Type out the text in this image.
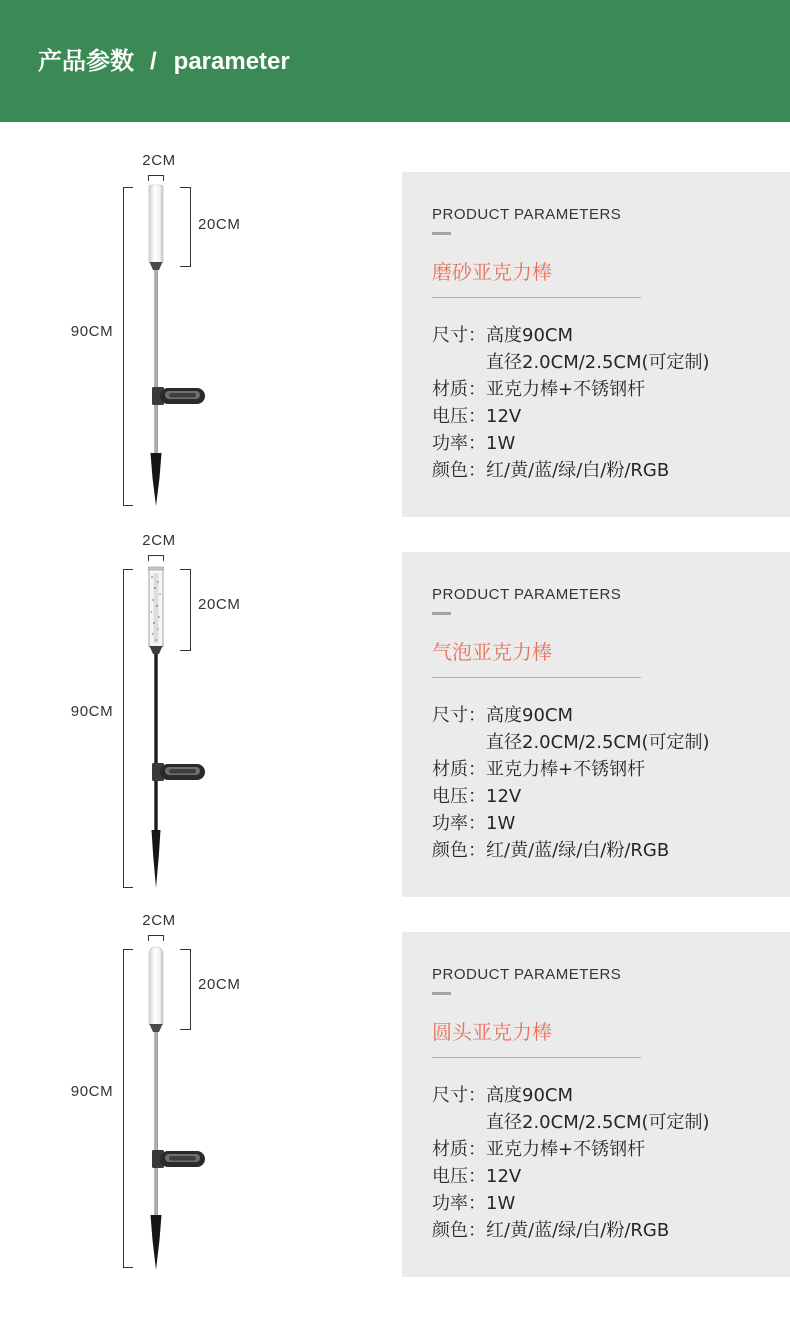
产品参数 / parameter
2CM
20CM
90CM
PRODUCT PARAMETERS
磨砂亚克力棒
尺寸：高度90CM
直径2.0CM/2.5CM(可定制)
材质：亚克力棒+不锈钢杆
电压：12V
功率：1W
颜色：红/黄/蓝/绿/白/粉/RGB
2CM
20CM
90CM
PRODUCT PARAMETERS
气泡亚克力棒
尺寸：高度90CM
直径2.0CM/2.5CM(可定制)
材质：亚克力棒+不锈钢杆
电压：12V
功率：1W
颜色：红/黄/蓝/绿/白/粉/RGB
2CM
20CM
90CM
PRODUCT PARAMETERS
圆头亚克力棒
尺寸：高度90CM
直径2.0CM/2.5CM(可定制)
材质：亚克力棒+不锈钢杆
电压：12V
功率：1W
颜色：红/黄/蓝/绿/白/粉/RGB
